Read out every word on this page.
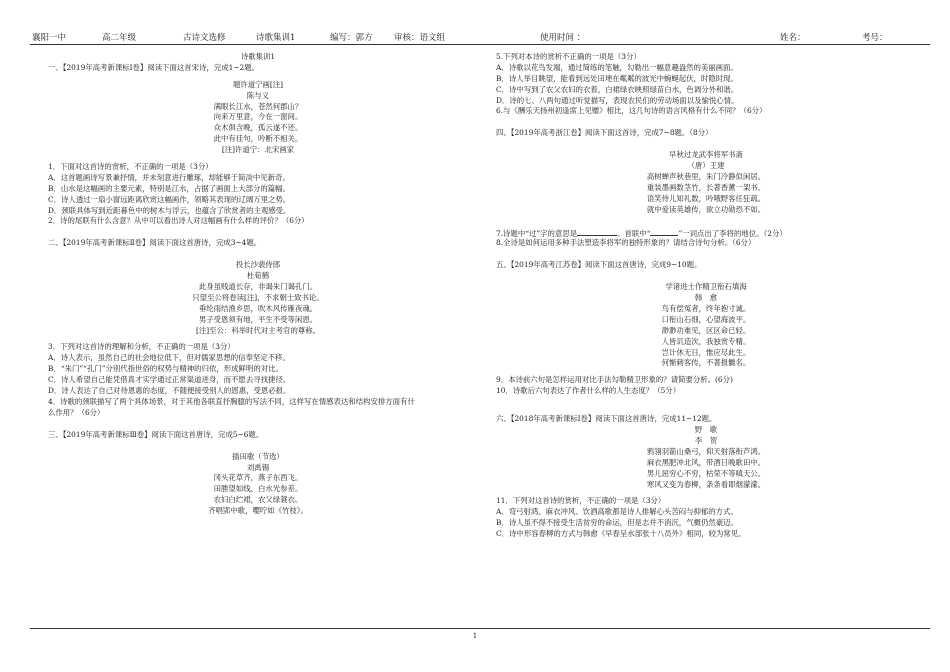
襄阳一中	高二年级	古诗文选修	诗歌集训1	编写：郭方	审核：语文组	使用时间 ：	姓名：	考号：
诗歌集训1
一、【2019年高考新课标Ⅰ卷】阅读下面这首宋诗，完成1~2题。
题许道宁画[注]
陈与义
满眼长江水，苍然何郡山？
向来万里意，今在一窗间。
众木俱含晚，孤云遂不还。
此中有佳句，吟断不相关。
[注]许道宁：北宋画家
1．下面对这首诗的赏析，不正确的一项是（3分）
A．这首题画诗写景兼抒情，并未刻意进行雕琢，却能够于简淡中见新奇。
B．山水是这幅画的主要元素，特别是江水，占据了画面上大部分的篇幅。
C．诗人透过一扇小窗远距离欣赏这幅画作，领略其表现的辽阔万里之势。
D．颈联具体写到近距暮色中的树木与浮云，也蕴含了欣赏者的主观感受。
2．诗的尾联有什么含意？从中可以看出诗人对这幅画有什么样的评价？（6分）
二、【2019年高考新课标Ⅱ卷】阅读下面这首唐诗，完成3~4题。
投长沙裴侍郎
杜荀鹤
此身虽贱道长存，非谒朱门谒孔门。
只望至公将卷读[注]，不求朝士致书论。
垂纶雨结渔乡思，吹木风传雁夜魂。
男子受恩须有地，平生不受等闲恩。
[注]至公：科举时代对主考官的尊称。
3．下列对这首诗的理解和分析，不正确的一项是（3分）
A．诗人表示，虽然自己的社会地位低下，但对儒家思想的信奉坚定不移。
B．“朱门”“孔门”分别代指世俗的权势与精神的归依，形成鲜明的对比。
C．诗人希望自己能凭借真才实学通过正常渠道进身，而不愿去寻找捷径。
D．诗人表达了自己对待恩惠的态度，不随便接受别人的恩惠，受恩必报。
4．诗歌的颈联描写了两个具体场景，对于其他各联直抒胸臆的写法不同，这样写在情感表达和结构安排方面有什
么作用？（6分）
三、【2019年高考新课标Ⅲ卷】阅读下面这首唐诗，完成5~6题。
插田歌（节选）
刘禹锡
冈头花草齐，燕子东西飞。
田塍望如线，白水光参差。
农妇白纻裙，农父绿蓑衣。
齐唱郢中歌，嘤咛如《竹枝》。
5.下列对本诗的赏析不正确的一项是（3分）
A．诗歌以花鸟发端，通过简练的笔触，勾勒出一幅意趣盎然的美丽画面。
B．诗人举目眺望，能看到远处田埂在粼粼的波光中蜿蜒起伏，时隐时现。
C．诗中写到了农父农妇的衣着，白裙绿衣映照绿苗白水，色调分外和谐。
D．诗的七、八两句通过听觉描写，表现农民们的劳动场面以及愉悦心情。
6.与《酬乐天扬州初逢席上见赠》相比，这几句诗的语言风格有什么不同？（6分）
四、【2019年高考浙江卷】阅读下面这首诗，完成7~8题。（8分）
早秋过龙武李将军书斋
（唐）王建
高树蝉声秋巷里，朱门冷静似闲居。
重装墨画数茎竹，长著香薰一架书。
语笑侍儿知礼数，吟哦野客任狂疏。
就中爱读英雄传，欲立功勋恐不如。
7.诗题中“过”字的意思是	。首联中“	”一词点出了李将的地位。（2分）
8.全诗是如何运用多种手法塑造李将军的独特形象的？请结合诗句分析。（6分）
五、【2019年高考江苏卷】阅读下面这首唐诗，完成9~10题。
学诸进士作精卫衔石填海
韩　愈
鸟有偿冤者，终年抱寸诚。
口衔山石细，心望海波平。
渺渺功难见，区区命已轻。
人皆讥造次，我独赏专精。
岂计休无日，惟应尽此生。
何惭刺客传，不著报雠名。
9．本诗前六句是怎样运用对比手法勾勒精卫形象的？请简要分析。(6分)
10．诗歌后六句表达了作者什么样的人生态度？（5分）
六、【2018年高考新课标I卷】阅读下面这首唐诗，完成11~12题。
野　歌
李　贺
鸦翎羽箭山桑弓，仰天射落衔芦鸿。
麻衣黑肥冲北风，带酒日晚歌田中。
男儿屈穷心不穷，枯荣不等嗔天公。
寒风又变为春柳，条条看即烟濛濛。
11．下列对这首诗的赏析，不正确的一项是（3分）
A．弯弓射鸿、麻衣冲风、饮酒高歌都是诗人排解心头苦闷与抑郁的方式。
B．诗人虽不得不接受生活贫穷的命运，但是志并不消沉，气概仍然豪迈。
C．诗中形容春柳的方式与韩愈《早春呈水部张十八员外》相同，较为常见。
1
